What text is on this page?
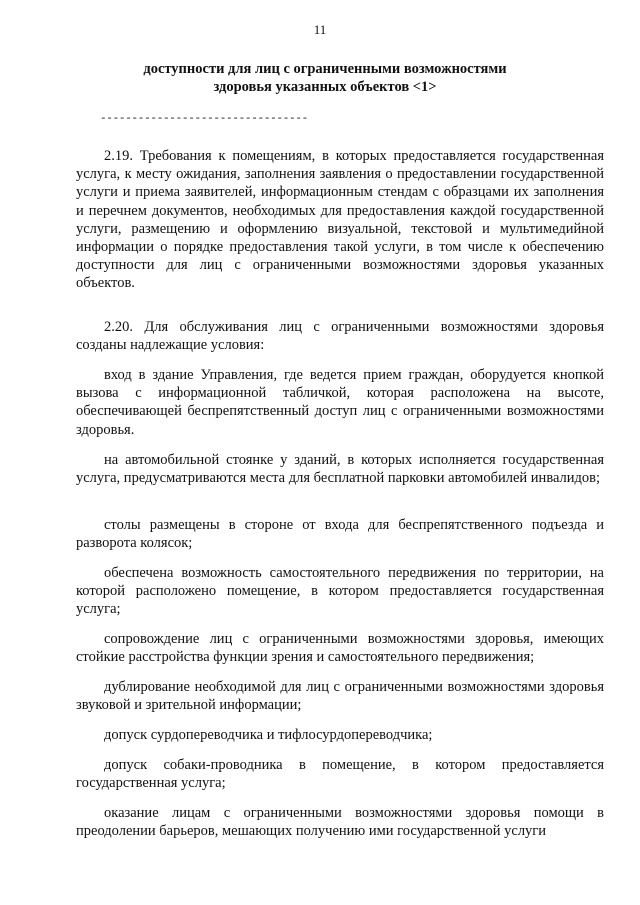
11
доступности для лиц с ограниченными возможностями
здоровья указанных объектов <1>
---------------------------------
2.19. Требования к помещениям, в которых предоставляется государственная услуга, к месту ожидания, заполнения заявления о предоставлении государственной услуги и приема заявителей, информационным стендам с образцами их заполнения и перечнем документов, необходимых для предоставления каждой государственной услуги, размещению и оформлению визуальной, текстовой и мультимедийной информации о порядке предоставления такой услуги, в том числе к обеспечению доступности для лиц с ограниченными возможностями здоровья указанных объектов.
2.20. Для обслуживания лиц с ограниченными возможностями здоровья созданы надлежащие условия:
вход в здание Управления, где ведется прием граждан, оборудуется кнопкой вызова с информационной табличкой, которая расположена на высоте, обеспечивающей беспрепятственный доступ лиц с ограниченными возможностями здоровья.
на автомобильной стоянке у зданий, в которых исполняется государственная услуга, предусматриваются места для бесплатной парковки автомобилей инвалидов;
столы размещены в стороне от входа для беспрепятственного подъезда и разворота колясок;
обеспечена возможность самостоятельного передвижения по территории, на которой расположено помещение, в котором предоставляется государственная услуга;
сопровождение лиц с ограниченными возможностями здоровья, имеющих стойкие расстройства функции зрения и самостоятельного передвижения;
дублирование необходимой для лиц с ограниченными возможностями здоровья звуковой и зрительной информации;
допуск сурдопереводчика и тифлосурдопереводчика;
допуск собаки-проводника в помещение, в котором предоставляется государственная услуга;
оказание лицам с ограниченными возможностями здоровья помощи в преодолении барьеров, мешающих получению ими государственной услуги
